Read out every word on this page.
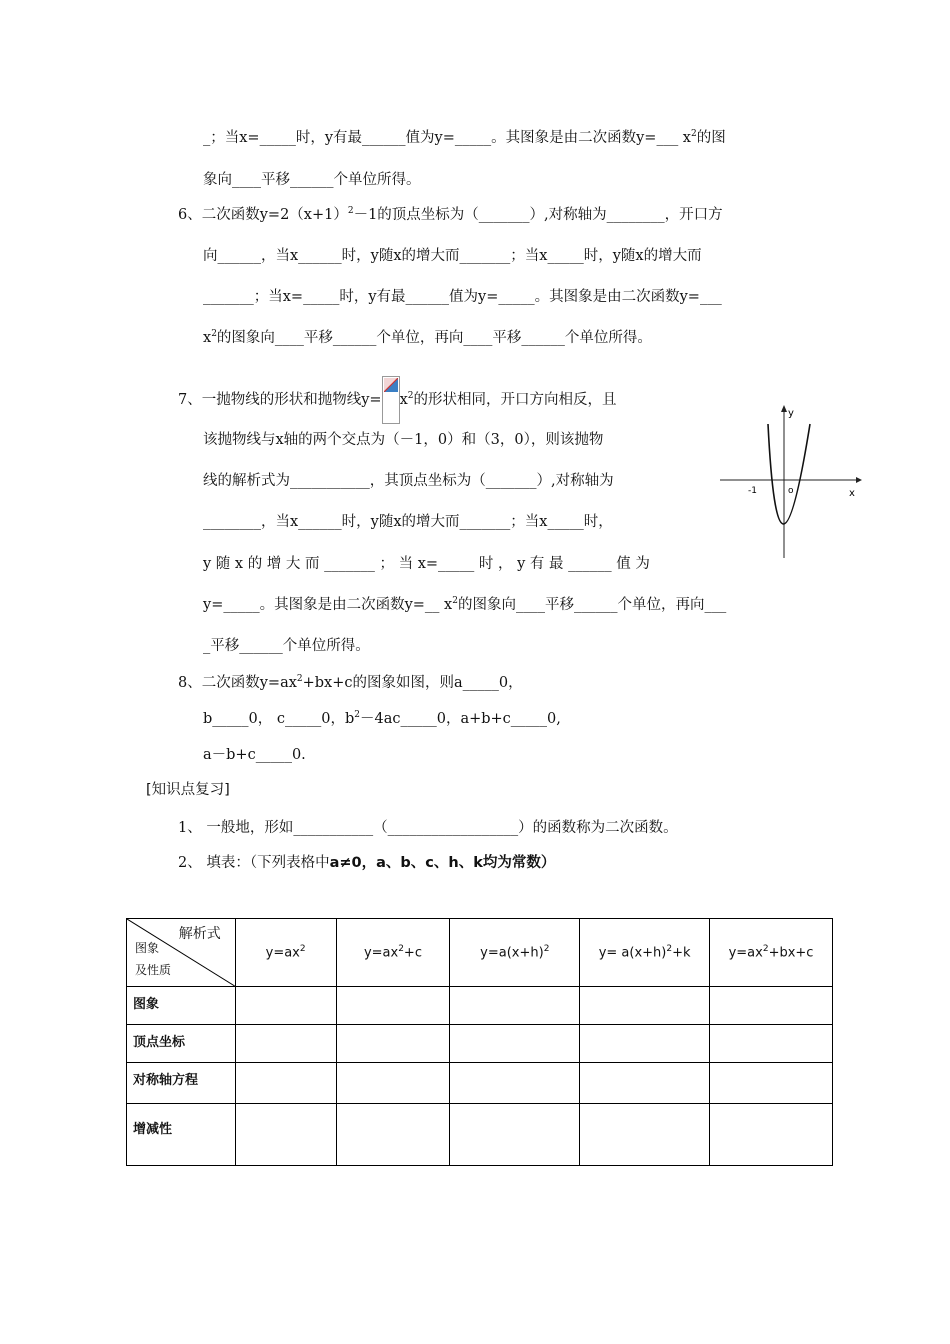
_；当x=_____时，y有最______值为y=_____。其图象是由二次函数y=___ $x^2$的图
象向____平移______个单位所得。
6、二次函数$y=2(x+1)^2-1$的顶点坐标为（_______）,对称轴为________，开口方
向______，当x______时，y随x的增大而_______；当x_____时，y随x的增大而
_______；当x=_____时，y有最______值为y=_____。其图象是由二次函数y=___
$x^2$的图象向____平移______个单位，再向____平移______个单位所得。
7、一抛物线的形状和抛物线$y= x^2$的形状相同，开口方向相反，且
该抛物线与x轴的两个交点为（－1，0）和（3，0），则该抛物
线的解析式为___________，其顶点坐标为（_______）,对称轴为
________，当x______时，y随x的增大而_______；当x_____时，
y 随 x 的 增 大 而 _______ ； 当 x=_____ 时 ， y 有 最 ______ 值 为
y=_____。其图象是由二次函数y=__ $x^2$的图象向____平移______个单位，再向___
_平移______个单位所得。
y
x
o
-1
8、二次函数$y=ax^2+bx+c$的图象如图，则a_____0，
b_____0， c_____0，$b^2-4ac\_\_\_\_\_0$，a+b+c_____0,
a－b+c_____0.
[知识点复习]
1、 一般地，形如___________（__________________）的函数称为二次函数。
2、 填表：（下列表格中a≠0，a、b、c、h、k均为常数）
解析式
图象
及性质	$y=ax^2$	$y=ax^2+c$	$y=a(x+h)^2$	$y= a(x+h)^2+k$	$y=ax^2+bx+c$
图象					
顶点坐标					
对称轴方程					
增减性					
